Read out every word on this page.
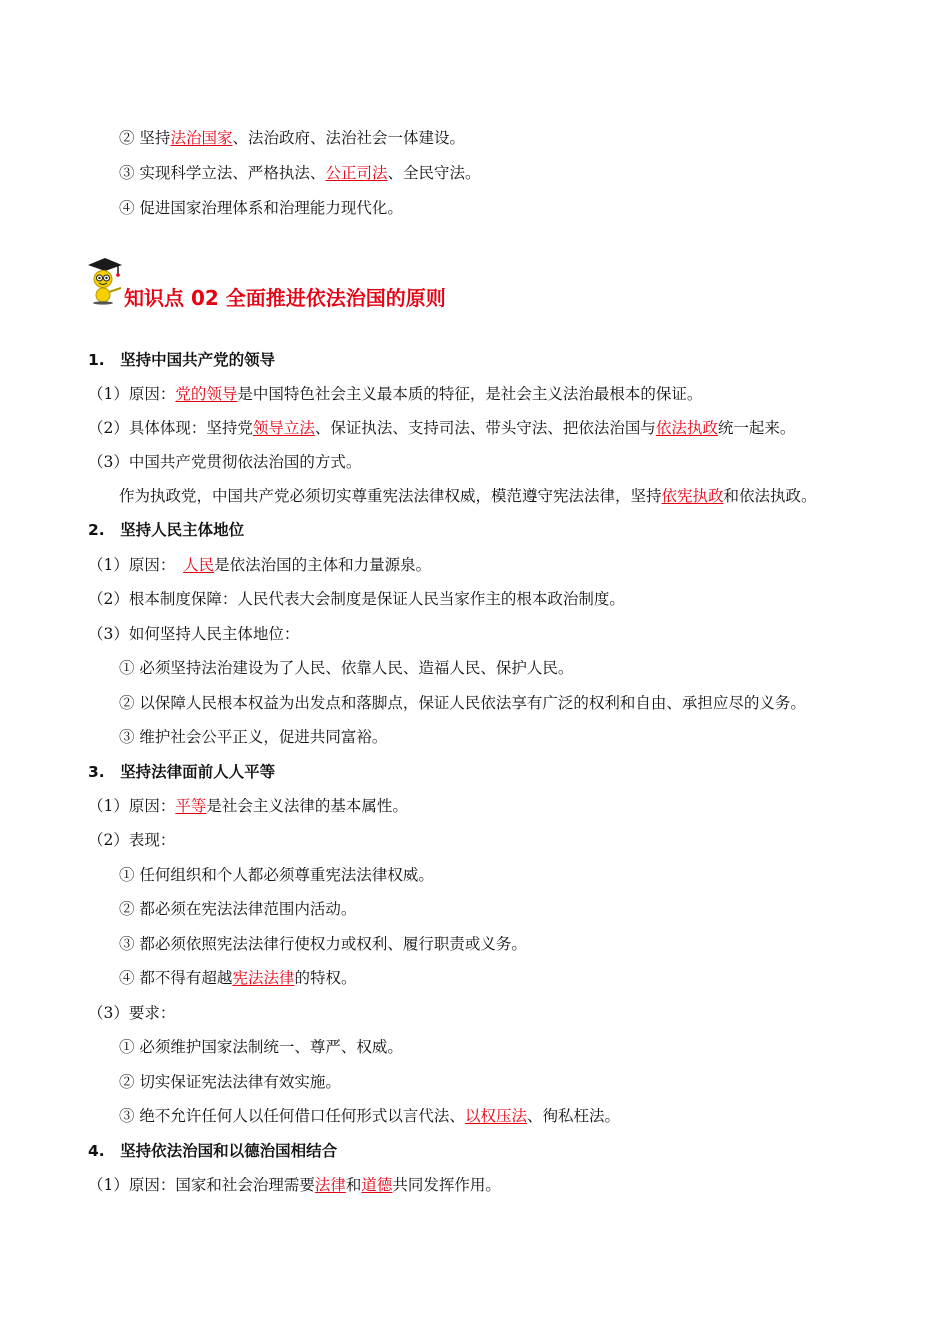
② 坚持法治国家、法治政府、法治社会一体建设。
③ 实现科学立法、严格执法、公正司法、全民守法。
④ 促进国家治理体系和治理能力现代化。
知识点 02 全面推进依法治国的原则
1.　坚持中国共产党的领导
（1）原因：党的领导是中国特色社会主义最本质的特征，是社会主义法治最根本的保证。
（2）具体体现：坚持党领导立法、保证执法、支持司法、带头守法、把依法治国与依法执政统一起来。
（3）中国共产党贯彻依法治国的方式。
作为执政党，中国共产党必须切实尊重宪法法律权威，模范遵守宪法法律，坚持依宪执政和依法执政。
2.　坚持人民主体地位
（1）原因：　人民是依法治国的主体和力量源泉。
（2）根本制度保障：人民代表大会制度是保证人民当家作主的根本政治制度。
（3）如何坚持人民主体地位：
① 必须坚持法治建设为了人民、依靠人民、造福人民、保护人民。
② 以保障人民根本权益为出发点和落脚点，保证人民依法享有广泛的权利和自由、承担应尽的义务。
③ 维护社会公平正义，促进共同富裕。
3.　坚持法律面前人人平等
（1）原因：平等是社会主义法律的基本属性。
（2）表现：
① 任何组织和个人都必须尊重宪法法律权威。
② 都必须在宪法法律范围内活动。
③ 都必须依照宪法法律行使权力或权利、履行职责或义务。
④ 都不得有超越宪法法律的特权。
（3）要求：
① 必须维护国家法制统一、尊严、权威。
② 切实保证宪法法律有效实施。
③ 绝不允许任何人以任何借口任何形式以言代法、以权压法、徇私枉法。
4.　坚持依法治国和以德治国相结合
（1）原因：国家和社会治理需要法律和道德共同发挥作用。
